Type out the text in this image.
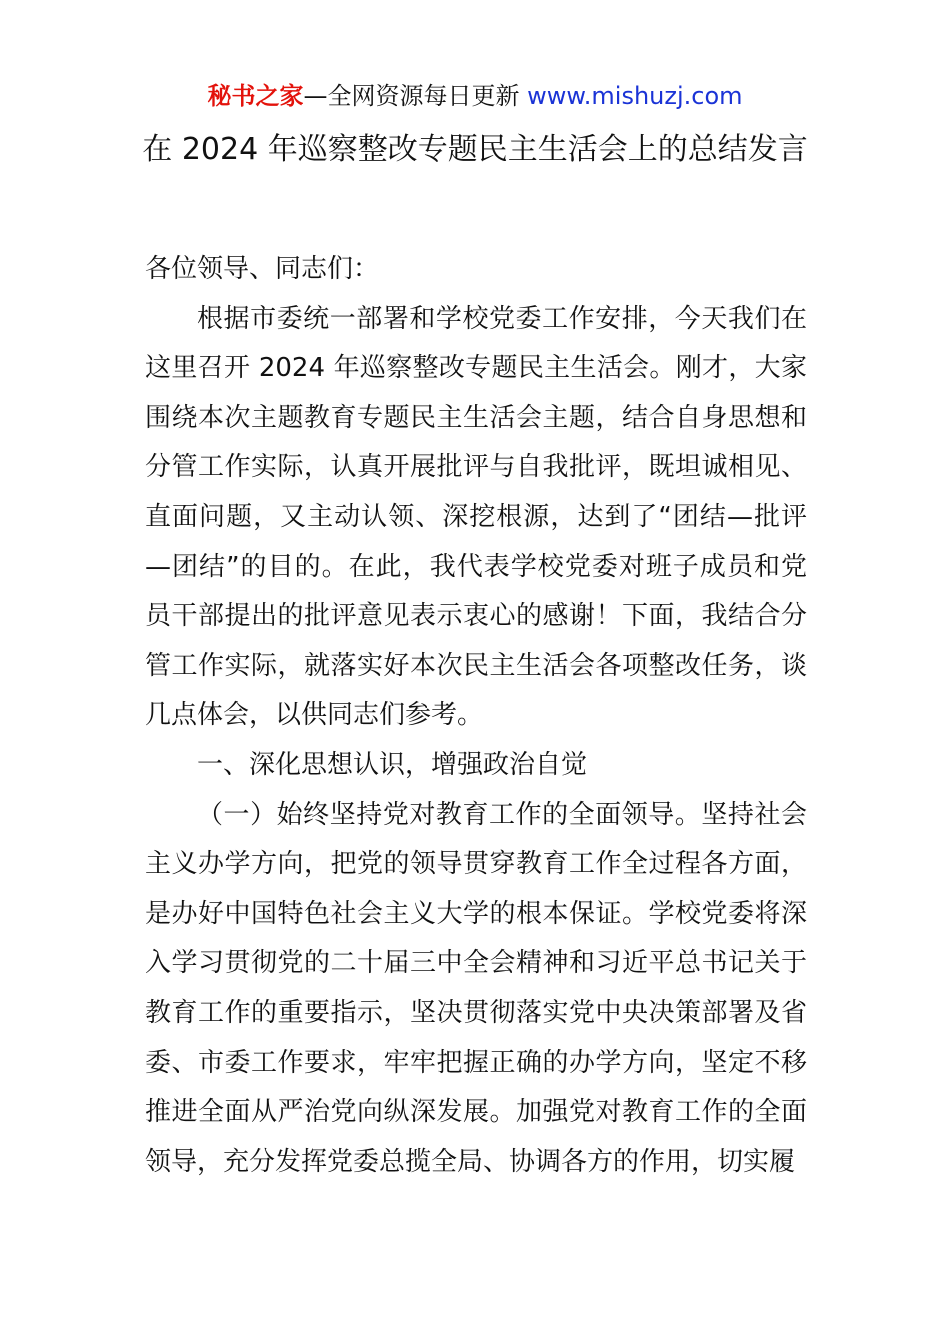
秘书之家—全网资源每日更新 www.mishuzj.com
在 2024 年巡察整改专题民主生活会上的总结发言

各位领导、同志们：

根据市委统一部署和学校党委工作安排，今天我们在这里召开 2024 年巡察整改专题民主生活会。刚才，大家围绕本次主题教育专题民主生活会主题，结合自身思想和分管工作实际，认真开展批评与自我批评，既坦诚相见、直面问题，又主动认领、深挖根源，达到了“团结—批评—团结”的目的。在此，我代表学校党委对班子成员和党员干部提出的批评意见表示衷心的感谢！下面，我结合分管工作实际，就落实好本次民主生活会各项整改任务，谈几点体会，以供同志们参考。

一、深化思想认识，增强政治自觉

（一）始终坚持党对教育工作的全面领导。坚持社会主义办学方向，把党的领导贯穿教育工作全过程各方面，是办好中国特色社会主义大学的根本保证。学校党委将深入学习贯彻党的二十届三中全会精神和习近平总书记关于教育工作的重要指示，坚决贯彻落实党中央决策部署及省委、市委工作要求，牢牢把握正确的办学方向，坚定不移推进全面从严治党向纵深发展。加强党对教育工作的全面领导，充分发挥党委总揽全局、协调各方的作用，切实履
